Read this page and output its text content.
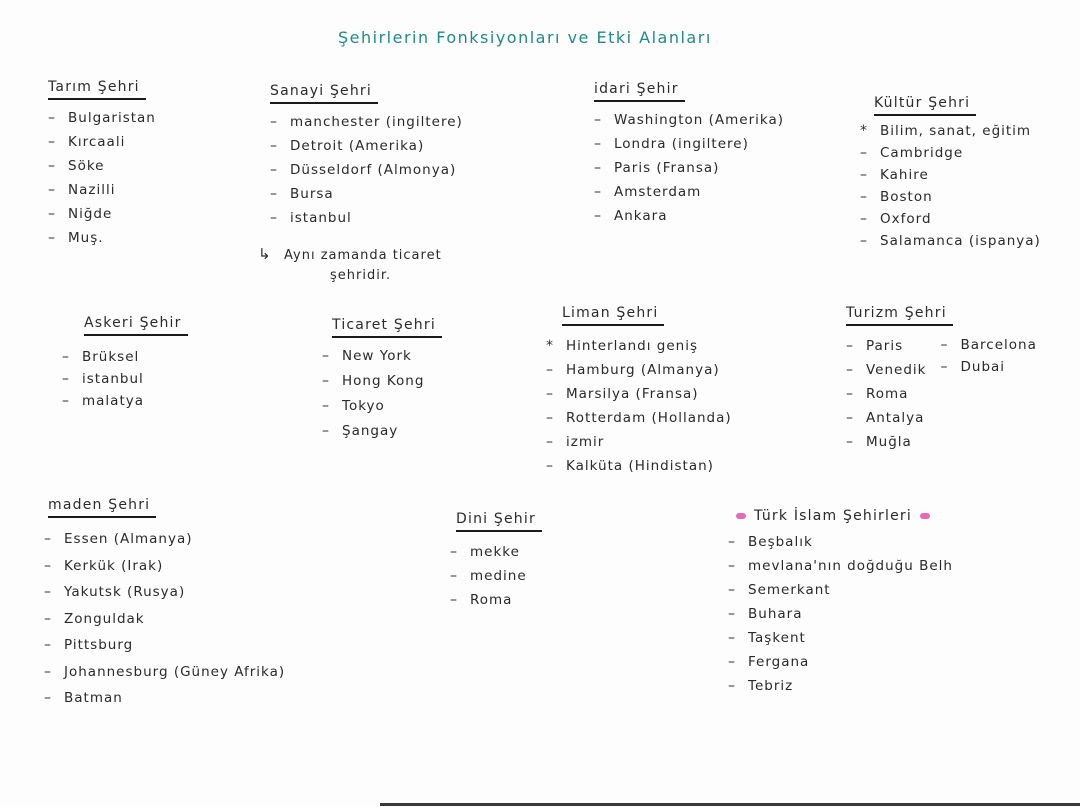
Şehirlerin Fonksiyonları ve Etki Alanları
Tarım Şehri
– Bulgaristan
– Kırcaali
– Söke
– Nazilli
– Niğde
– Muş.
Sanayi Şehri
– manchester (ingiltere)
– Detroit (Amerika)
– Düsseldorf (Almonya)
– Bursa
– istanbul
↳ Aynı zamanda ticaret
şehridir.
idari Şehir
– Washington (Amerika)
– Londra (ingiltere)
– Paris (Fransa)
– Amsterdam
– Ankara
Kültür Şehri
* Bilim, sanat, eğitim
– Cambridge
– Kahire
– Boston
– Oxford
– Salamanca (ispanya)
Askeri Şehir
– Brüksel
– istanbul
– malatya
Ticaret Şehri
– New York
– Hong Kong
– Tokyo
– Şangay
Liman Şehri
* Hinterlandı geniş
– Hamburg (Almanya)
– Marsilya (Fransa)
– Rotterdam (Hollanda)
– izmir
– Kalküta (Hindistan)
Turizm Şehri
– Paris
– Venedik
– Roma
– Antalya
– Muğla
– Barcelona
– Dubai
maden Şehri
– Essen (Almanya)
– Kerkük (Irak)
– Yakutsk (Rusya)
– Zonguldak
– Pittsburg
– Johannesburg (Güney Afrika)
– Batman
Dini Şehir
– mekke
– medine
– Roma
Türk İslam Şehirleri
– Beşbalık
– mevlana'nın doğduğu Belh
– Semerkant
– Buhara
– Taşkent
– Fergana
– Tebriz
